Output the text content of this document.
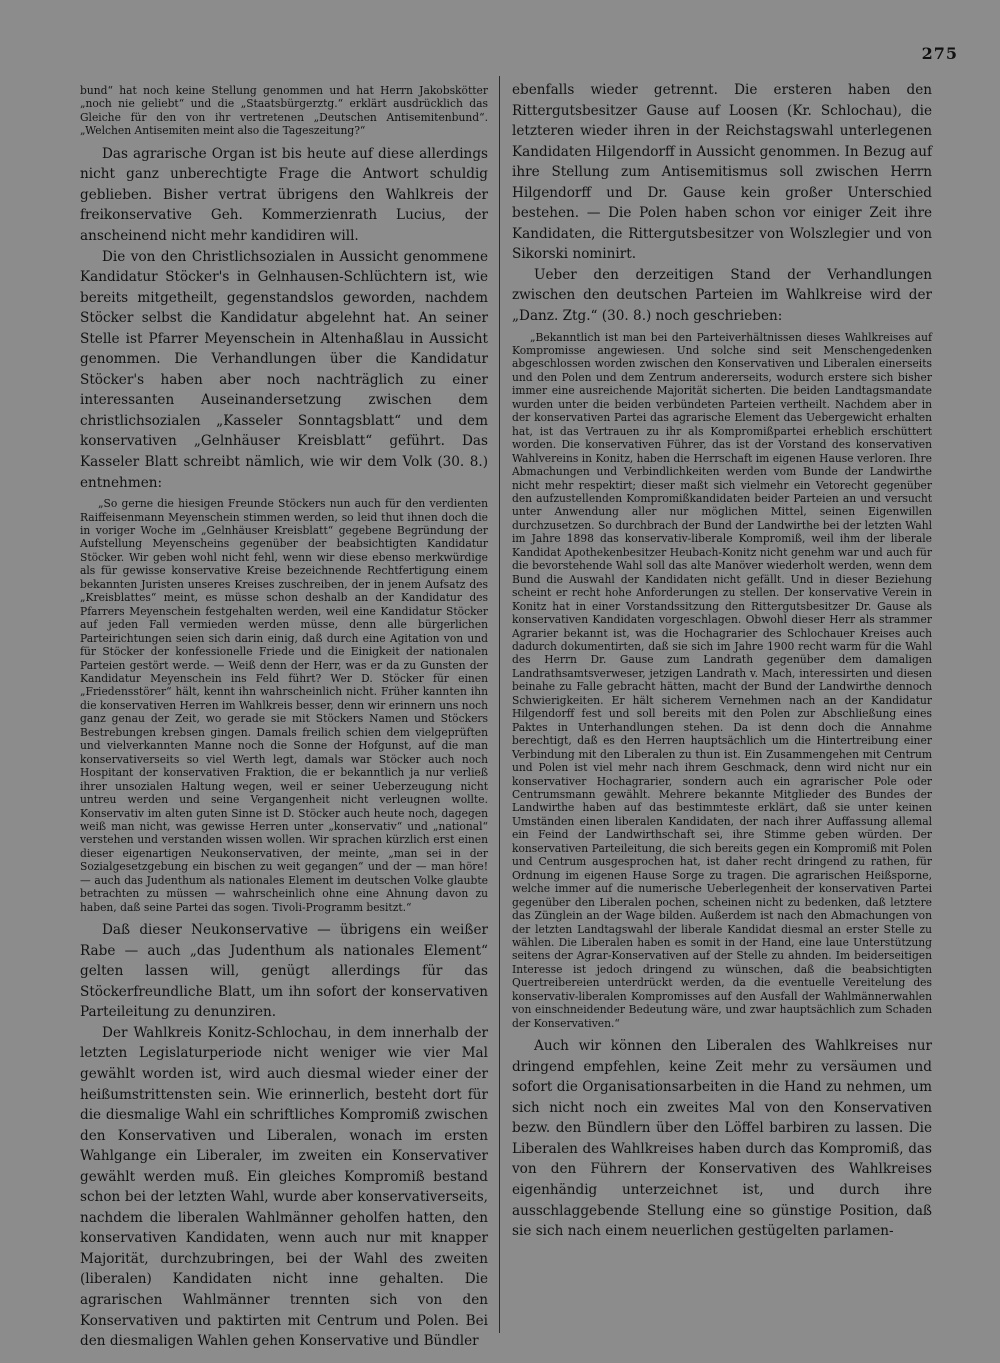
275

bund“ hat noch keine Stellung genommen und hat Herrn Jakobskötter „noch nie geliebt“ und die „Staatsbürgerztg.“ erklärt ausdrücklich das Gleiche für den von ihr vertretenen „Deutschen Antisemitenbund“. „Welchen Antisemiten meint also die Tageszeitung?“

Das agrarische Organ ist bis heute auf diese allerdings nicht ganz unberechtigte Frage die Antwort schuldig geblieben. Bisher vertrat übrigens den Wahlkreis der freikonservative Geh. Kommerzienrath Lucius, der anscheinend nicht mehr kandidiren will.

Die von den Christlichsozialen in Aussicht genommene Kandidatur Stöcker's in Gelnhausen-Schlüchtern ist, wie bereits mitgetheilt, gegenstandslos geworden, nachdem Stöcker selbst die Kandidatur abgelehnt hat. An seiner Stelle ist Pfarrer Meyenschein in Altenhaßlau in Aussicht genommen. Die Verhandlungen über die Kandidatur Stöcker's haben aber noch nachträglich zu einer interessanten Auseinandersetzung zwischen dem christlichsozialen „Kasseler Sonntagsblatt“ und dem konservativen „Gelnhäuser Kreisblatt“ geführt. Das Kasseler Blatt schreibt nämlich, wie wir dem Volk (30. 8.) entnehmen:

„So gerne die hiesigen Freunde Stöckers nun auch für den verdienten Raiffeisenmann Meyenschein stimmen werden, so leid thut ihnen doch die in voriger Woche im „Gelnhäuser Kreisblatt“ gegebene Begründung der Aufstellung Meyenscheins gegenüber der beabsichtigten Kandidatur Stöcker. Wir geben wohl nicht fehl, wenn wir diese ebenso merkwürdige als für gewisse konservative Kreise bezeichnende Rechtfertigung einem bekannten Juristen unseres Kreises zuschreiben, der in jenem Aufsatz des „Kreisblattes“ meint, es müsse schon deshalb an der Kandidatur des Pfarrers Meyenschein festgehalten werden, weil eine Kandidatur Stöcker auf jeden Fall vermieden werden müsse, denn alle bürgerlichen Parteirichtungen seien sich darin einig, daß durch eine Agitation von und für Stöcker der konfessionelle Friede und die Einigkeit der nationalen Parteien gestört werde. — Weiß denn der Herr, was er da zu Gunsten der Kandidatur Meyenschein ins Feld führt? Wer D. Stöcker für einen „Friedensstörer“ hält, kennt ihn wahrscheinlich nicht. Früher kannten ihn die konservativen Herren im Wahlkreis besser, denn wir erinnern uns noch ganz genau der Zeit, wo gerade sie mit Stöckers Namen und Stöckers Bestrebungen krebsen gingen. Damals freilich schien dem vielgeprüften und vielverkannten Manne noch die Sonne der Hofgunst, auf die man konservativerseits so viel Werth legt, damals war Stöcker auch noch Hospitant der konservativen Fraktion, die er bekanntlich ja nur verließ ihrer unsozialen Haltung wegen, weil er seiner Ueberzeugung nicht untreu werden und seine Vergangenheit nicht verleugnen wollte. Konservativ im alten guten Sinne ist D. Stöcker auch heute noch, dagegen weiß man nicht, was gewisse Herren unter „konservativ“ und „national“ verstehen und verstanden wissen wollen. Wir sprachen kürzlich erst einen dieser eigenartigen Neukonservativen, der meinte, „man sei in der Sozialgesetzgebung ein bischen zu weit gegangen“ und der — man höre! — auch das Judenthum als nationales Element im deutschen Volke glaubte betrachten zu müssen — wahrscheinlich ohne eine Ahnung davon zu haben, daß seine Partei das sogen. Tivoli-Programm besitzt.“

Daß dieser Neukonservative — übrigens ein weißer Rabe — auch „das Judenthum als nationales Element“ gelten lassen will, genügt allerdings für das Stöckerfreundliche Blatt, um ihn sofort der konservativen Parteileitung zu denunziren.

Der Wahlkreis Konitz-Schlochau, in dem innerhalb der letzten Legislaturperiode nicht weniger wie vier Mal gewählt worden ist, wird auch diesmal wieder einer der heißumstrittensten sein. Wie erinnerlich, besteht dort für die diesmalige Wahl ein schriftliches Kompromiß zwischen den Konservativen und Liberalen, wonach im ersten Wahlgange ein Liberaler, im zweiten ein Konservativer gewählt werden muß. Ein gleiches Kompromiß bestand schon bei der letzten Wahl, wurde aber konservativerseits, nachdem die liberalen Wahlmänner geholfen hatten, den konservativen Kandidaten, wenn auch nur mit knapper Majorität, durchzubringen, bei der Wahl des zweiten (liberalen) Kandidaten nicht inne gehalten. Die agrarischen Wahlmänner trennten sich von den Konservativen und paktirten mit Centrum und Polen. Bei den diesmaligen Wahlen gehen Konservative und Bündler

ebenfalls wieder getrennt. Die ersteren haben den Rittergutsbesitzer Gause auf Loosen (Kr. Schlochau), die letzteren wieder ihren in der Reichstagswahl unterlegenen Kandidaten Hilgendorff in Aussicht genommen. In Bezug auf ihre Stellung zum Antisemitismus soll zwischen Herrn Hilgendorff und Dr. Gause kein großer Unterschied bestehen. — Die Polen haben schon vor einiger Zeit ihre Kandidaten, die Rittergutsbesitzer von Wolszlegier und von Sikorski nominirt.

Ueber den derzeitigen Stand der Verhandlungen zwischen den deutschen Parteien im Wahlkreise wird der „Danz. Ztg.“ (30. 8.) noch geschrieben:

„Bekanntlich ist man bei den Parteiverhältnissen dieses Wahlkreises auf Kompromisse angewiesen. Und solche sind seit Menschengedenken abgeschlossen worden zwischen den Konservativen und Liberalen einerseits und den Polen und dem Zentrum andererseits, wodurch erstere sich bisher immer eine ausreichende Majorität sicherten. Die beiden Landtagsmandate wurden unter die beiden verbündeten Parteien vertheilt. Nachdem aber in der konservativen Partei das agrarische Element das Uebergewicht erhalten hat, ist das Vertrauen zu ihr als Kompromißpartei erheblich erschüttert worden. Die konservativen Führer, das ist der Vorstand des konservativen Wahlvereins in Konitz, haben die Herrschaft im eigenen Hause verloren. Ihre Abmachungen und Verbindlichkeiten werden vom Bunde der Landwirthe nicht mehr respektirt; dieser maßt sich vielmehr ein Vetorecht gegenüber den aufzustellenden Kompromißkandidaten beider Parteien an und versucht unter Anwendung aller nur möglichen Mittel, seinen Eigenwillen durchzusetzen. So durchbrach der Bund der Landwirthe bei der letzten Wahl im Jahre 1898 das konservativ-liberale Kompromiß, weil ihm der liberale Kandidat Apothekenbesitzer Heubach-Konitz nicht genehm war und auch für die bevorstehende Wahl soll das alte Manöver wiederholt werden, wenn dem Bund die Auswahl der Kandidaten nicht gefällt. Und in dieser Beziehung scheint er recht hohe Anforderungen zu stellen. Der konservative Verein in Konitz hat in einer Vorstandssitzung den Rittergutsbesitzer Dr. Gause als konservativen Kandidaten vorgeschlagen. Obwohl dieser Herr als strammer Agrarier bekannt ist, was die Hochagrarier des Schlochauer Kreises auch dadurch dokumentirten, daß sie sich im Jahre 1900 recht warm für die Wahl des Herrn Dr. Gause zum Landrath gegenüber dem damaligen Landrathsamtsverweser, jetzigen Landrath v. Mach, interessirten und diesen beinahe zu Falle gebracht hätten, macht der Bund der Landwirthe dennoch Schwierigkeiten. Er hält sicherem Vernehmen nach an der Kandidatur Hilgendorff fest und soll bereits mit den Polen zur Abschließung eines Paktes in Unterhandlungen stehen. Da ist denn doch die Annahme berechtigt, daß es den Herren hauptsächlich um die Hintertreibung einer Verbindung mit den Liberalen zu thun ist. Ein Zusammengehen mit Centrum und Polen ist viel mehr nach ihrem Geschmack, denn wird nicht nur ein konservativer Hochagrarier, sondern auch ein agrarischer Pole oder Centrumsmann gewählt. Mehrere bekannte Mitglieder des Bundes der Landwirthe haben auf das bestimmteste erklärt, daß sie unter keinen Umständen einen liberalen Kandidaten, der nach ihrer Auffassung allemal ein Feind der Landwirthschaft sei, ihre Stimme geben würden. Der konservativen Parteileitung, die sich bereits gegen ein Kompromiß mit Polen und Centrum ausgesprochen hat, ist daher recht dringend zu rathen, für Ordnung im eigenen Hause Sorge zu tragen. Die agrarischen Heißsporne, welche immer auf die numerische Ueberlegenheit der konservativen Partei gegenüber den Liberalen pochen, scheinen nicht zu bedenken, daß letztere das Zünglein an der Wage bilden. Außerdem ist nach den Abmachungen von der letzten Landtagswahl der liberale Kandidat diesmal an erster Stelle zu wählen. Die Liberalen haben es somit in der Hand, eine laue Unterstützung seitens der Agrar-Konservativen auf der Stelle zu ahnden. Im beiderseitigen Interesse ist jedoch dringend zu wünschen, daß die beabsichtigten Quertreibereien unterdrückt werden, da die eventuelle Vereitelung des konservativ-liberalen Kompromisses auf den Ausfall der Wahlmännerwahlen von einschneidender Bedeutung wäre, und zwar hauptsächlich zum Schaden der Konservativen.“

Auch wir können den Liberalen des Wahlkreises nur dringend empfehlen, keine Zeit mehr zu versäumen und sofort die Organisationsarbeiten in die Hand zu nehmen, um sich nicht noch ein zweites Mal von den Konservativen bezw. den Bündlern über den Löffel barbiren zu lassen. Die Liberalen des Wahlkreises haben durch das Kompromiß, das von den Führern der Konservativen des Wahlkreises eigenhändig unterzeichnet ist, und durch ihre ausschlaggebende Stellung eine so günstige Position, daß sie sich nach einem neuerlichen gestügelten parlamen-
